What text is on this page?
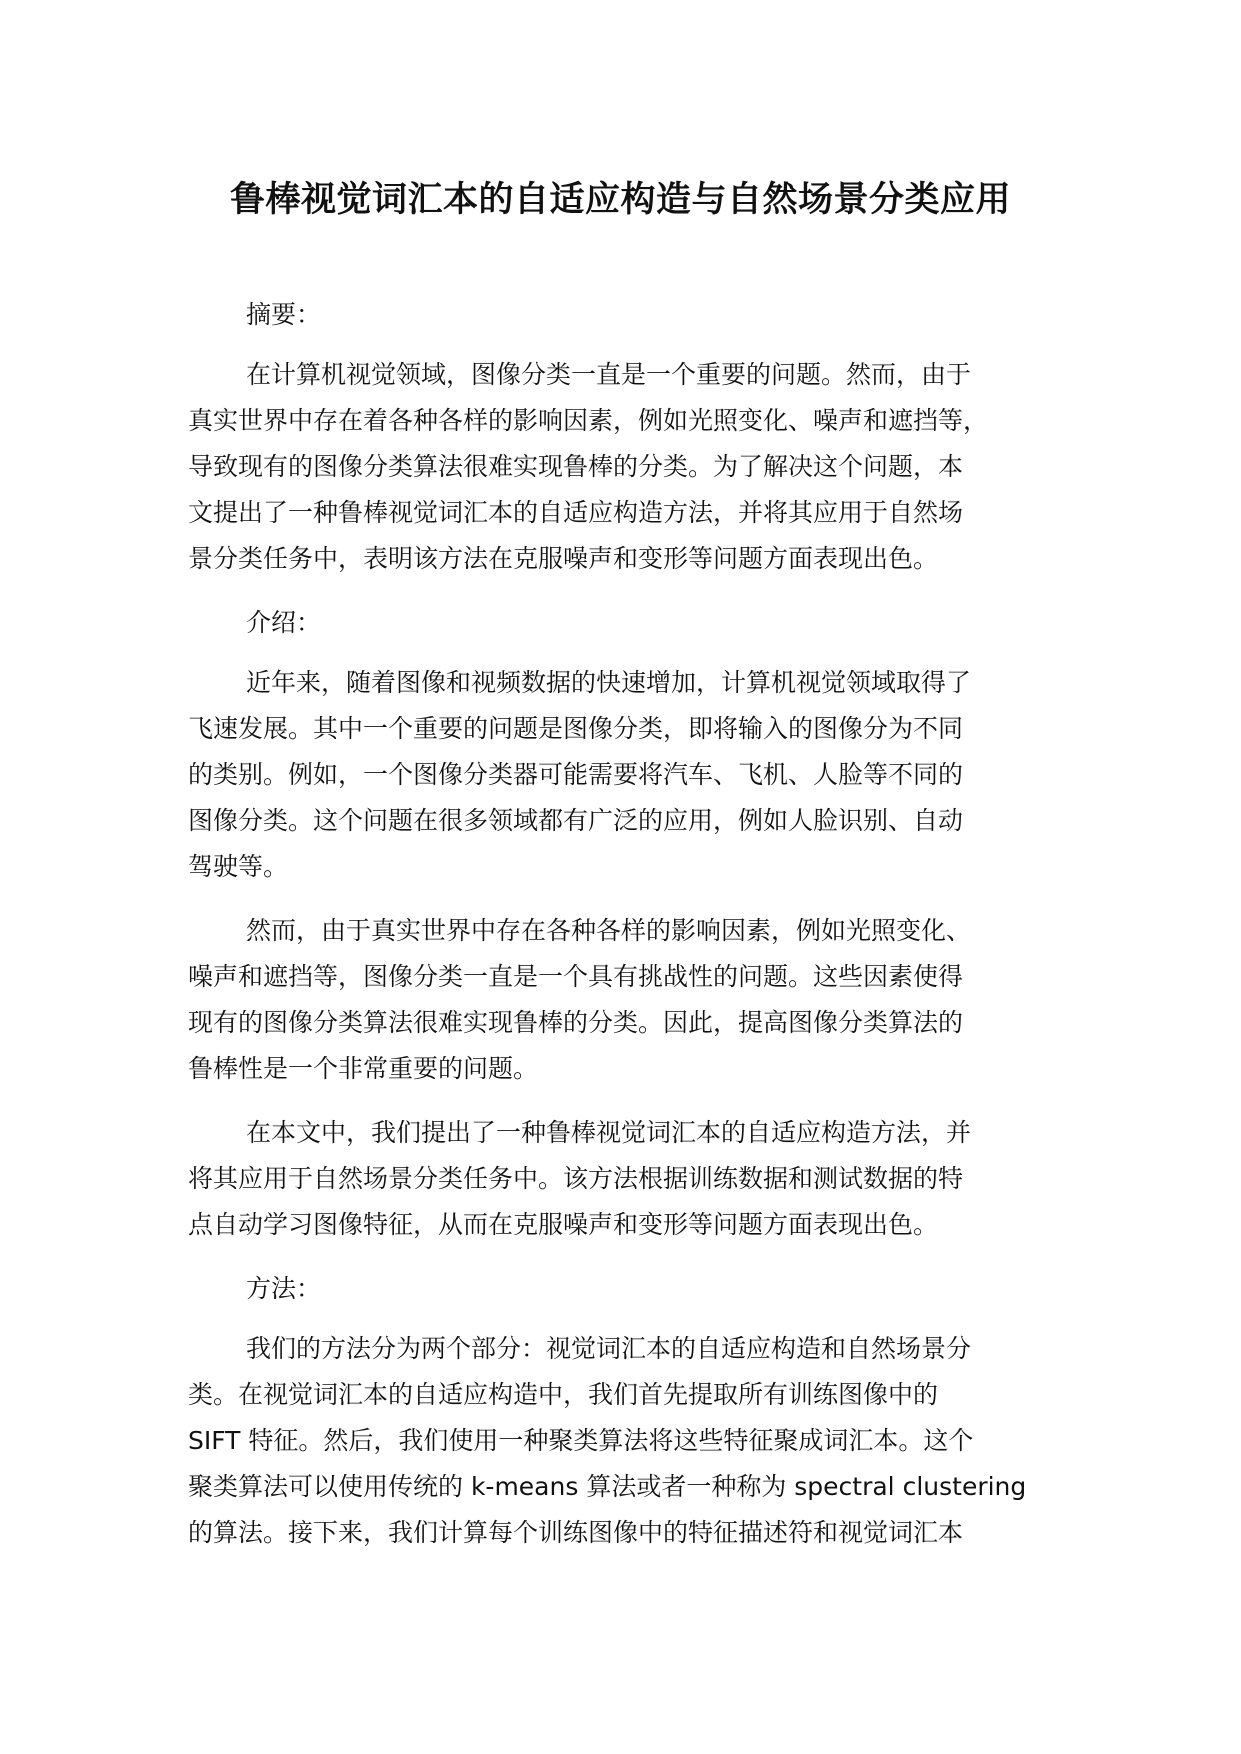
鲁棒视觉词汇本的自适应构造与自然场景分类应用
摘要：
在计算机视觉领域，图像分类一直是一个重要的问题。然而，由于
真实世界中存在着各种各样的影响因素，例如光照变化、噪声和遮挡等，
导致现有的图像分类算法很难实现鲁棒的分类。为了解决这个问题，本
文提出了一种鲁棒视觉词汇本的自适应构造方法，并将其应用于自然场
景分类任务中，表明该方法在克服噪声和变形等问题方面表现出色。
介绍：
近年来，随着图像和视频数据的快速增加，计算机视觉领域取得了
飞速发展。其中一个重要的问题是图像分类，即将输入的图像分为不同
的类别。例如，一个图像分类器可能需要将汽车、飞机、人脸等不同的
图像分类。这个问题在很多领域都有广泛的应用，例如人脸识别、自动
驾驶等。
然而，由于真实世界中存在各种各样的影响因素，例如光照变化、
噪声和遮挡等，图像分类一直是一个具有挑战性的问题。这些因素使得
现有的图像分类算法很难实现鲁棒的分类。因此，提高图像分类算法的
鲁棒性是一个非常重要的问题。
在本文中，我们提出了一种鲁棒视觉词汇本的自适应构造方法，并
将其应用于自然场景分类任务中。该方法根据训练数据和测试数据的特
点自动学习图像特征，从而在克服噪声和变形等问题方面表现出色。
方法：
我们的方法分为两个部分：视觉词汇本的自适应构造和自然场景分
类。在视觉词汇本的自适应构造中，我们首先提取所有训练图像中的
SIFT 特征。然后，我们使用一种聚类算法将这些特征聚成词汇本。这个
聚类算法可以使用传统的 k-means 算法或者一种称为 spectral clustering
的算法。接下来，我们计算每个训练图像中的特征描述符和视觉词汇本
